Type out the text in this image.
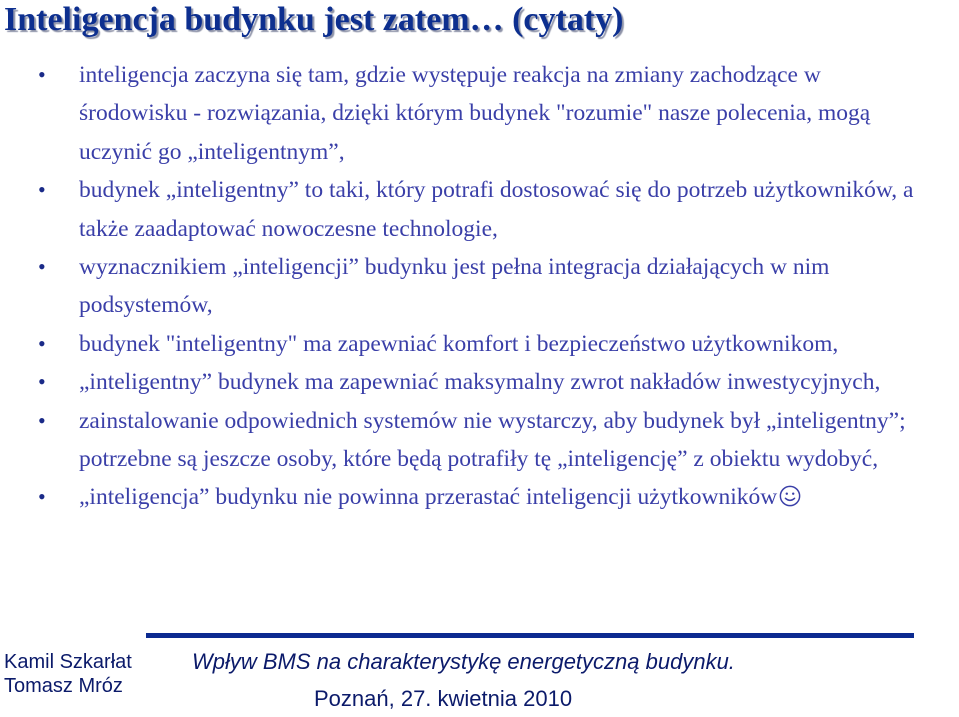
Inteligencja budynku jest zatem… (cytaty)
• inteligencja zaczyna się tam, gdzie występuje reakcja na zmiany zachodzące w środowisku - rozwiązania, dzięki którym budynek "rozumie" nasze polecenia, mogą uczynić go „inteligentnym”,
• budynek „inteligentny” to taki, który potrafi dostosować się do potrzeb użytkowników, a także zaadaptować nowoczesne technologie,
• wyznacznikiem „inteligencji” budynku jest pełna integracja działających w nim podsystemów,
• budynek "inteligentny" ma zapewniać komfort i bezpieczeństwo użytkownikom,
• „inteligentny” budynek ma zapewniać maksymalny zwrot nakładów inwestycyjnych,
• zainstalowanie odpowiednich systemów nie wystarczy, aby budynek był „inteligentny”; potrzebne są jeszcze osoby, które będą potrafiły tę „inteligencję” z obiektu wydobyć,
• „inteligencja” budynku nie powinna przerastać inteligencji użytkowników
Kamil Szkarłat
Tomasz Mróz
Wpływ BMS na charakterystykę energetyczną budynku.
Poznań, 27. kwietnia 2010
